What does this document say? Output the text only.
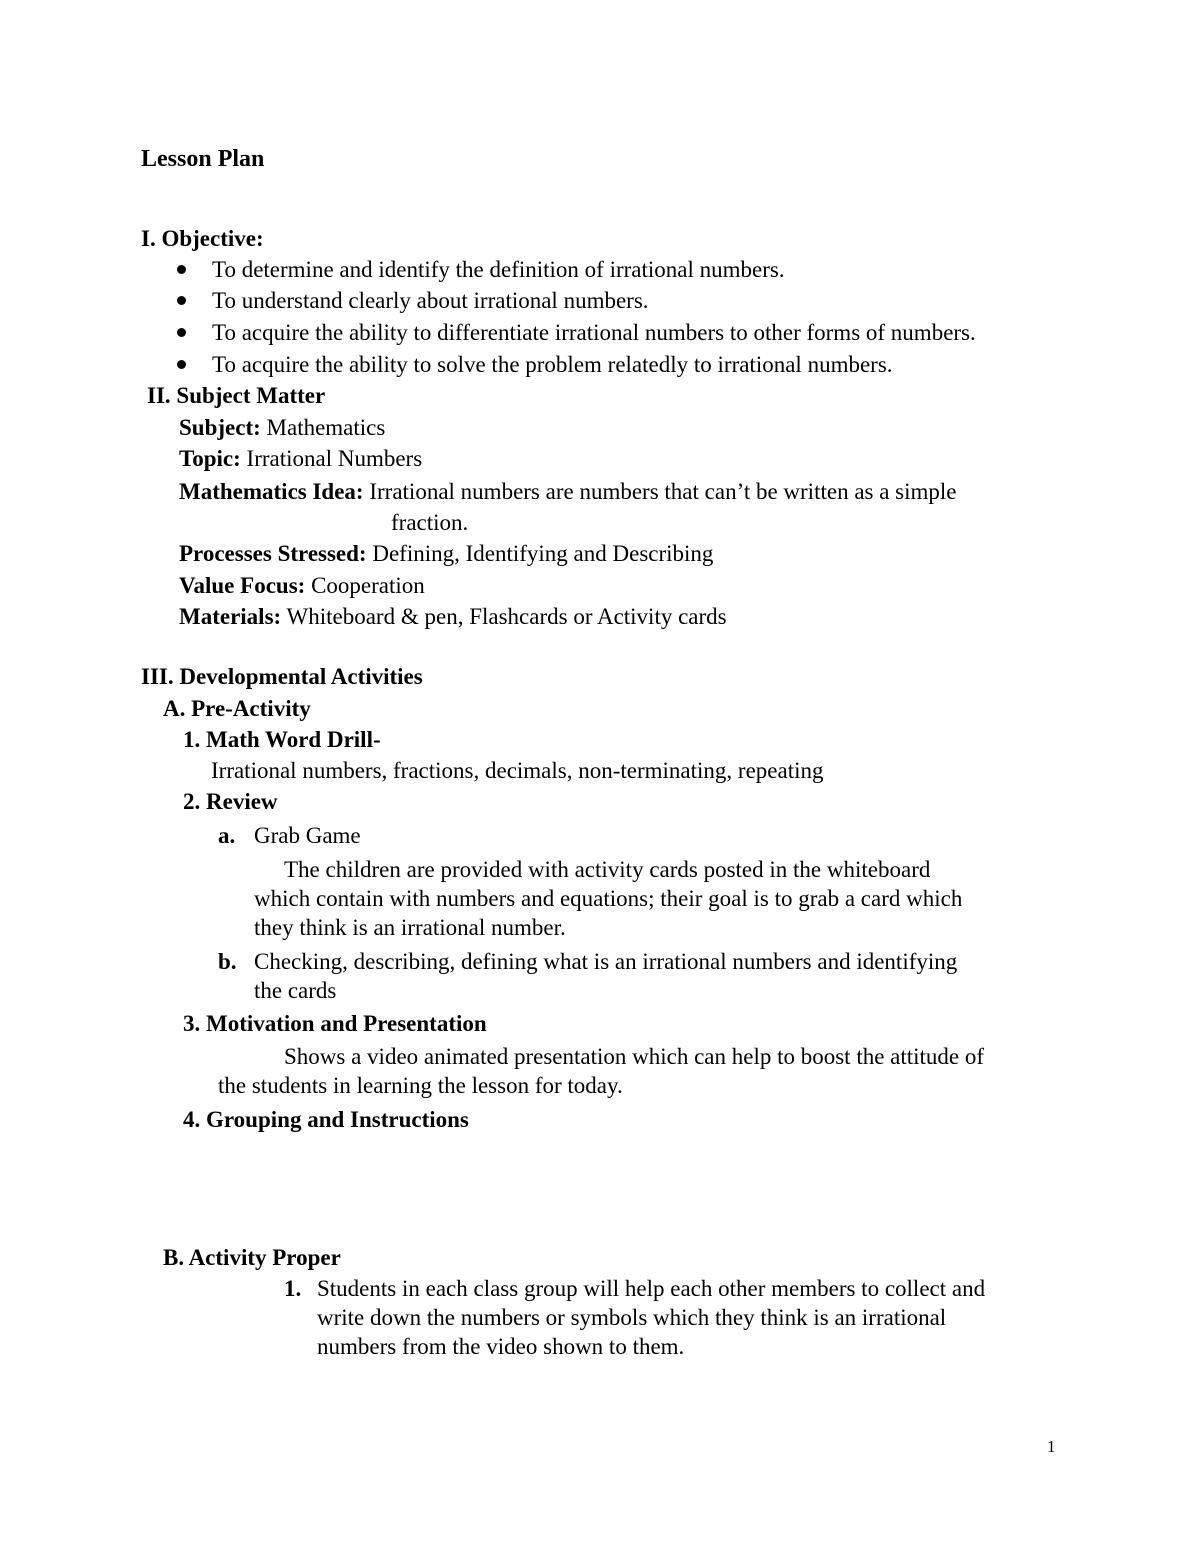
Lesson Plan
I. Objective:
To determine and identify the definition of irrational numbers.
To understand clearly about irrational numbers.
To acquire the ability to differentiate irrational numbers to other forms of numbers.
To acquire the ability to solve the problem relatedly to irrational numbers.
II. Subject Matter
Subject: Mathematics
Topic: Irrational Numbers
Mathematics Idea: Irrational numbers are numbers that can’t be written as a simple
fraction.
Processes Stressed: Defining, Identifying and Describing
Value Focus: Cooperation
Materials: Whiteboard & pen, Flashcards or Activity cards
III. Developmental Activities
A. Pre-Activity
1. Math Word Drill-
Irrational numbers, fractions, decimals, non-terminating, repeating
2. Review
a. Grab Game
The children are provided with activity cards posted in the whiteboard
which contain with numbers and equations; their goal is to grab a card which
they think is an irrational number.
b. Checking, describing, defining what is an irrational numbers and identifying
the cards
3. Motivation and Presentation
Shows a video animated presentation which can help to boost the attitude of
the students in learning the lesson for today.
4. Grouping and Instructions
B. Activity Proper
1. Students in each class group will help each other members to collect and
write down the numbers or symbols which they think is an irrational
numbers from the video shown to them.
1
